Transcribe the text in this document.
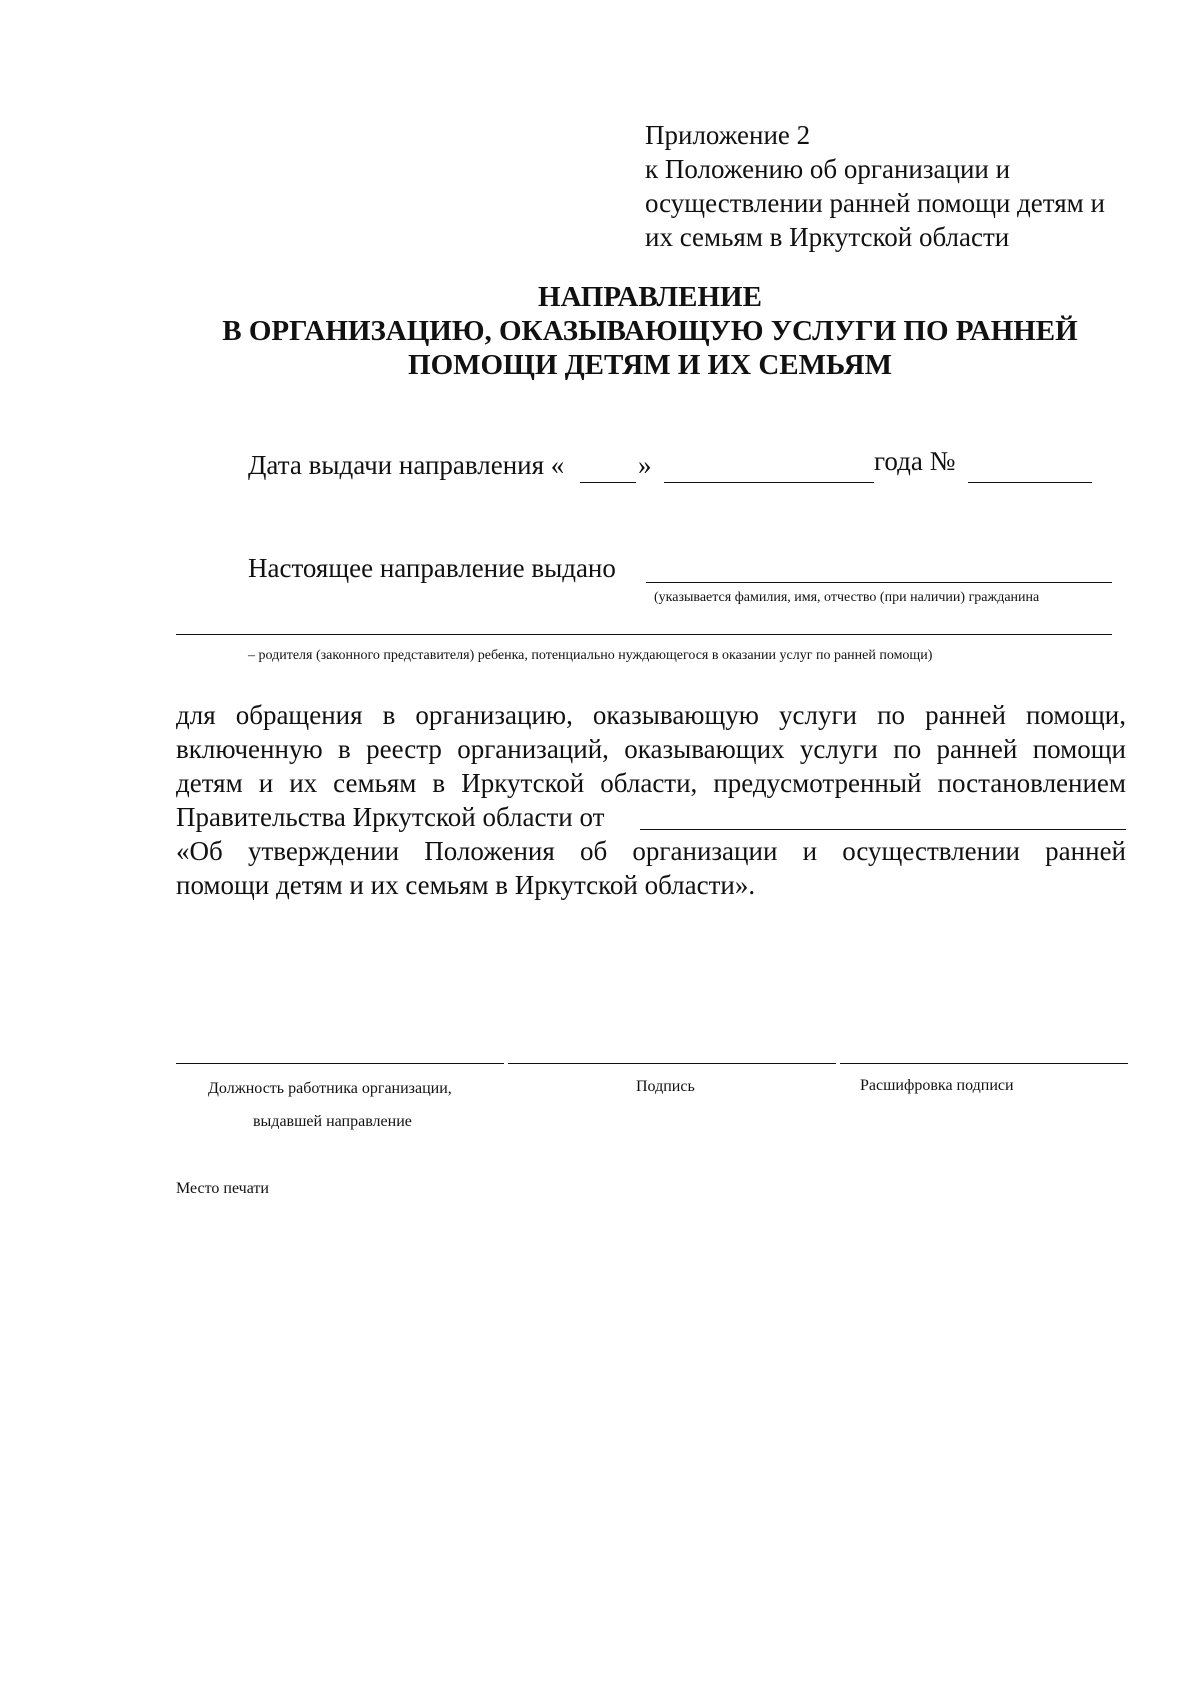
Приложение 2
к Положению об организации и
осуществлении ранней помощи детям и
их семьям в Иркутской области
НАПРАВЛЕНИЕ
В ОРГАНИЗАЦИЮ, ОКАЗЫВАЮЩУЮ УСЛУГИ ПО РАННЕЙ
ПОМОЩИ ДЕТЯМ И ИХ СЕМЬЯМ
Дата выдачи направления «	»	года №
Настоящее направление выдано
(указывается фамилия, имя, отчество (при наличии) гражданина
– родителя (законного представителя) ребенка, потенциально нуждающегося в оказании услуг по ранней помощи)
для обращения в организацию, оказывающую услуги по ранней помощи,
включенную в реестр организаций, оказывающих услуги по ранней помощи
детям и их семьям в Иркутской области, предусмотренный постановлением
Правительства Иркутской области от
«Об утверждении Положения об организации и осуществлении ранней
помощи детям и их семьям в Иркутской области».
Должность работника организации,
выдавшей направление
Подпись	Расшифровка подписи
Место печати
